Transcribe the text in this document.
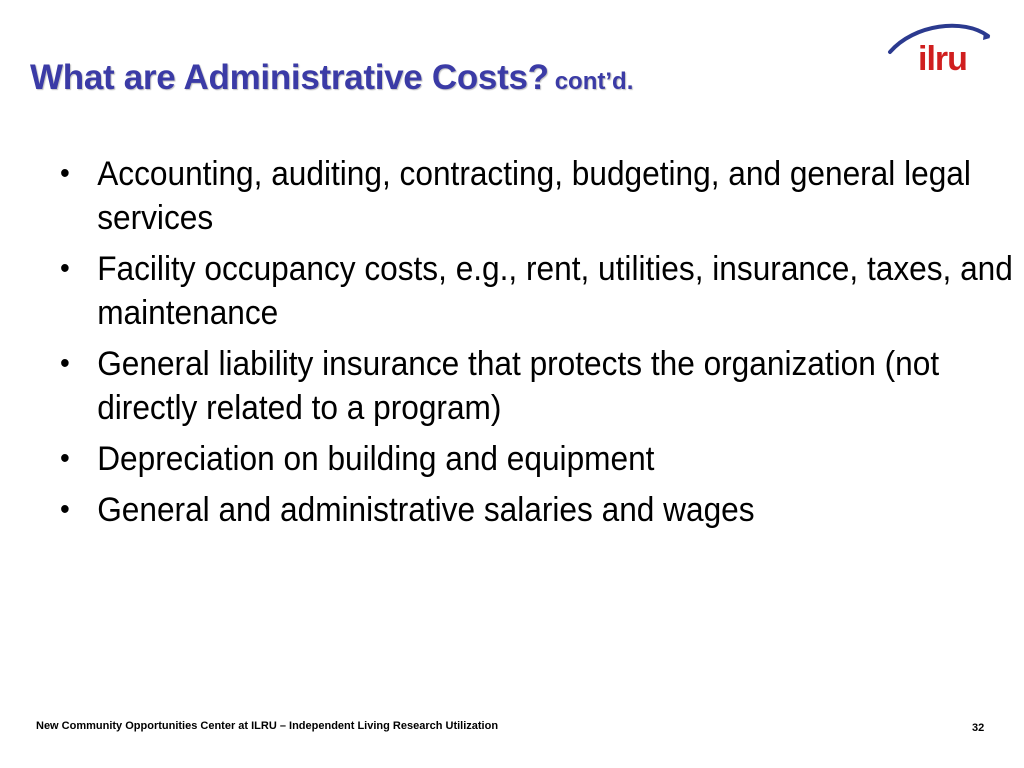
What are Administrative Costs? cont’d.
ilru
• Accounting, auditing, contracting, budgeting, and general legal services
• Facility occupancy costs, e.g., rent, utilities, insurance, taxes, and maintenance
• General liability insurance that protects the organization (not directly related to a program)
• Depreciation on building and equipment
• General and administrative salaries and wages
New Community Opportunities Center at ILRU – Independent Living Research Utilization	32
